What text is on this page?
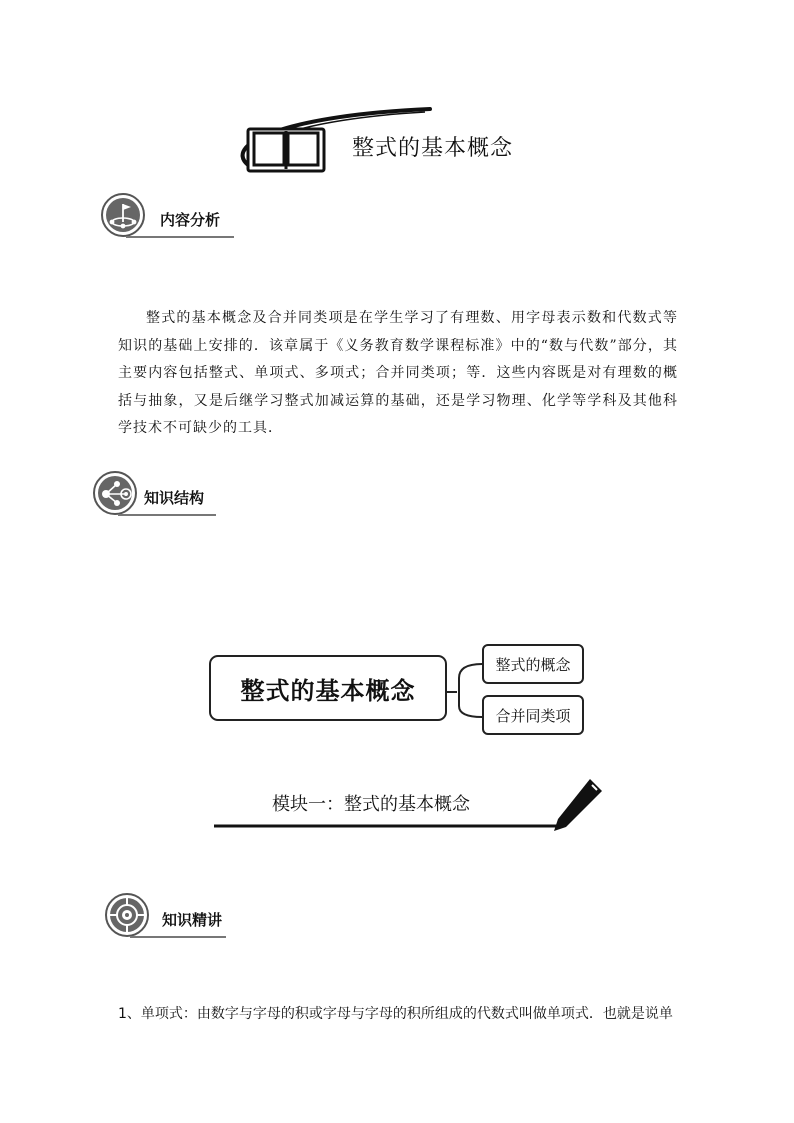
整式的基本概念
内容分析

整式的基本概念及合并同类项是在学生学习了有理数、用字母表示数和代数式等知识的基础上安排的．该章属于《义务教育数学课程标准》中的“数与代数”部分，其主要内容包括整式、单项式、多项式；合并同类项；等．这些内容既是对有理数的概括与抽象，又是后继学习整式加减运算的基础，还是学习物理、化学等学科及其他科学技术不可缺少的工具．

知识结构
整式的基本概念
整式的概念
合并同类项
模块一：整式的基本概念
知识精讲
1、单项式：由数字与字母的积或字母与字母的积所组成的代数式叫做单项式．也就是说单
